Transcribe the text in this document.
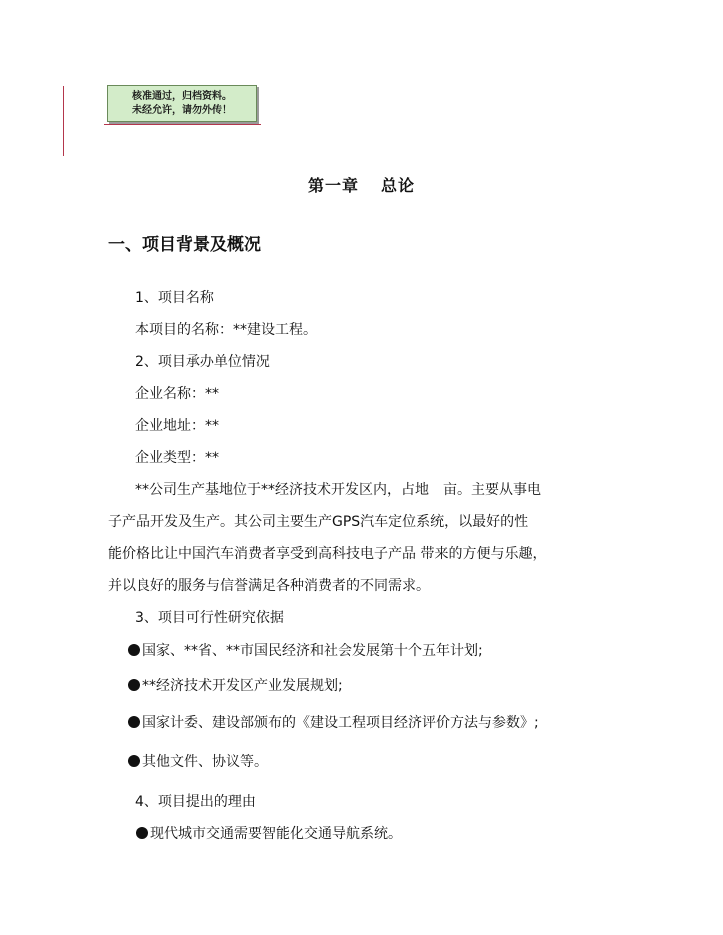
核准通过，归档资料。
未经允许，请勿外传！
第一章 总论
一、项目背景及概况
1、项目名称
本项目的名称：**建设工程。
2、项目承办单位情况
企业名称：**
企业地址：**
企业类型：**
**公司生产基地位于**经济技术开发区内，占地　亩。主要从事电
子产品开发及生产。其公司主要生产GPS汽车定位系统，以最好的性
能价格比让中国汽车消费者享受到高科技电子产品 带来的方便与乐趣，
并以良好的服务与信誉满足各种消费者的不同需求。
3、项目可行性研究依据
国家、**省、**市国民经济和社会发展第十个五年计划;
**经济技术开发区产业发展规划;
国家计委、建设部颁布的《建设工程项目经济评价方法与参数》;
其他文件、协议等。
4、项目提出的理由
现代城市交通需要智能化交通导航系统。
